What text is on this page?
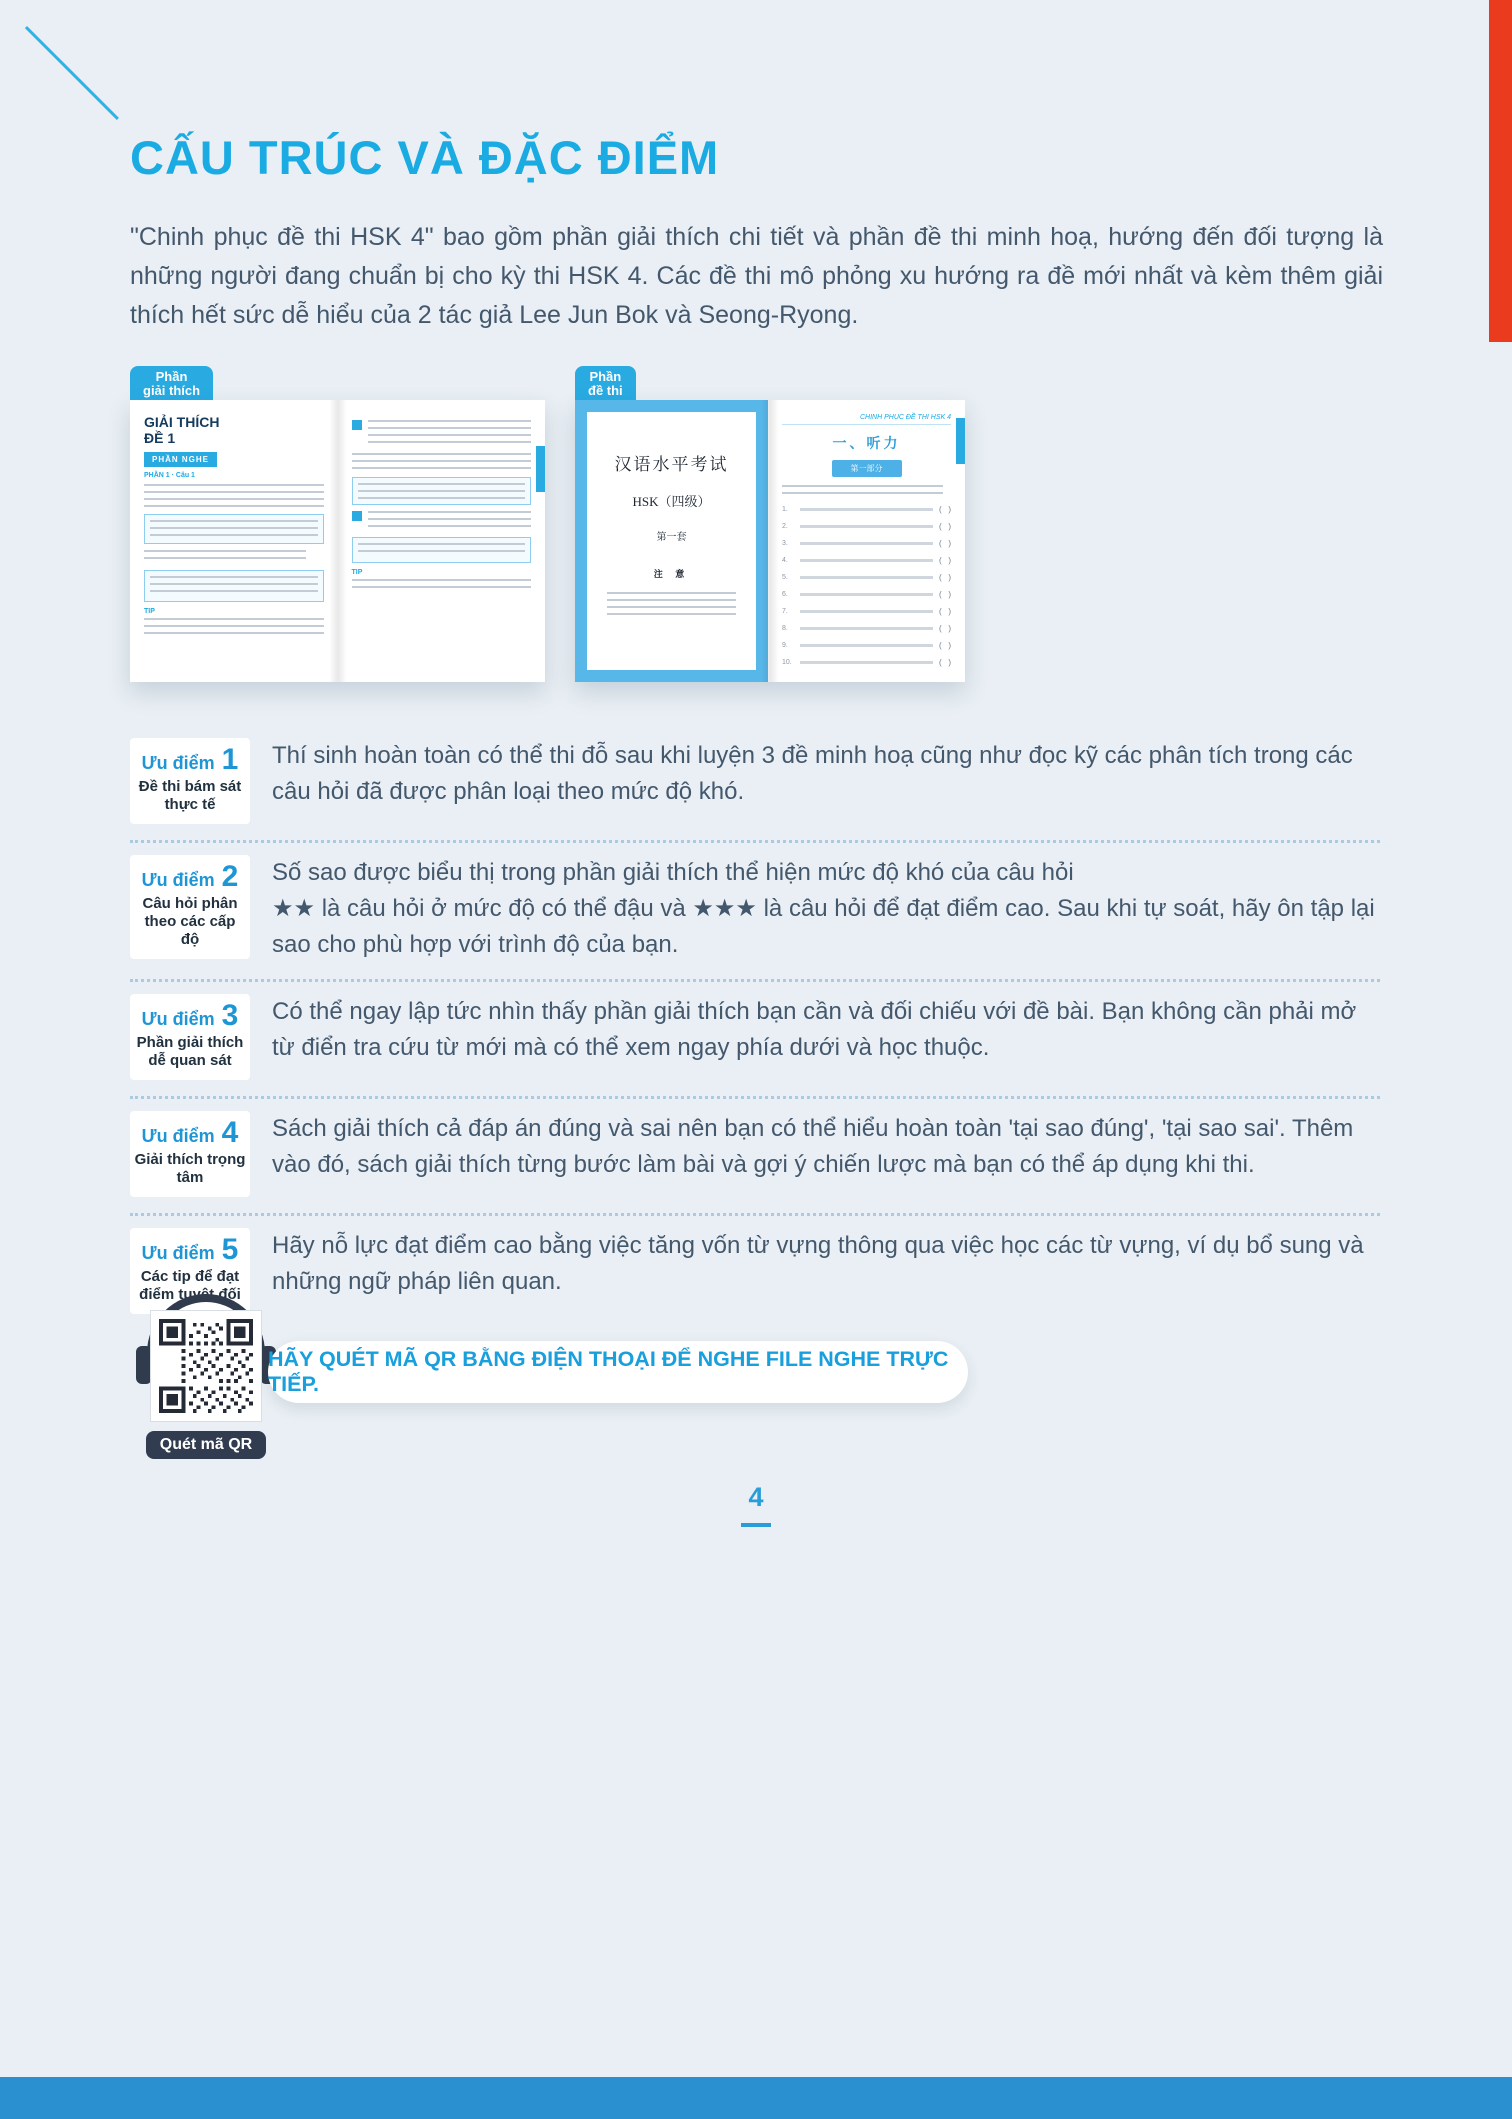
CẤU TRÚC VÀ ĐẶC ĐIỂM
"Chinh phục đề thi HSK 4" bao gồm phần giải thích chi tiết và phần đề thi minh hoạ, hướng đến đối tượng là những người đang chuẩn bị cho kỳ thi HSK 4. Các đề thi mô phỏng xu hướng ra đề mới nhất và kèm thêm giải thích hết sức dễ hiểu của 2 tác giả Lee Jun Bok và Seong-Ryong.
Phần
giải thích
GIẢI THÍCH
ĐỀ 1
PHẦN NGHE
PHẦN 1 · Câu 1
TIP
TIP
Phần
đề thi
汉语水平考试
HSK（四级）
第一套
注 意
CHINH PHỤC ĐỀ THI HSK 4
一、听力
第一部分
1.	(   )
2.	(   )
3.	(   )
4.	(   )
5.	(   )
6.	(   )
7.	(   )
8.	(   )
9.	(   )
10.	(   )
Ưu điểm 1
Đề thi bám sát thực tế
Thí sinh hoàn toàn có thể thi đỗ sau khi luyện 3 đề minh hoạ cũng như đọc kỹ các phân tích trong các câu hỏi đã được phân loại theo mức độ khó.
Ưu điểm 2
Câu hỏi phân theo các cấp độ
Số sao được biểu thị trong phần giải thích thể hiện mức độ khó của câu hỏi
★★ là câu hỏi ở mức độ có thể đậu và ★★★ là câu hỏi để đạt điểm cao. Sau khi tự soát, hãy ôn tập lại sao cho phù hợp với trình độ của bạn.
Ưu điểm 3
Phần giải thích dễ quan sát
Có thể ngay lập tức nhìn thấy phần giải thích bạn cần và đối chiếu với đề bài. Bạn không cần phải mở từ điển tra cứu từ mới mà có thể xem ngay phía dưới và học thuộc.
Ưu điểm 4
Giải thích trọng tâm
Sách giải thích cả đáp án đúng và sai nên bạn có thể hiểu hoàn toàn 'tại sao đúng', 'tại sao sai'. Thêm vào đó, sách giải thích từng bước làm bài và gợi ý chiến lược mà bạn có thể áp dụng khi thi.
Ưu điểm 5
Các tip để đạt điểm tuyệt đối
Hãy nỗ lực đạt điểm cao bằng việc tăng vốn từ vựng thông qua việc học các từ vựng, ví dụ bổ sung và những ngữ pháp liên quan.
Quét mã QR
HÃY QUÉT MÃ QR BẰNG ĐIỆN THOẠI ĐỂ NGHE FILE NGHE TRỰC TIẾP.
4
